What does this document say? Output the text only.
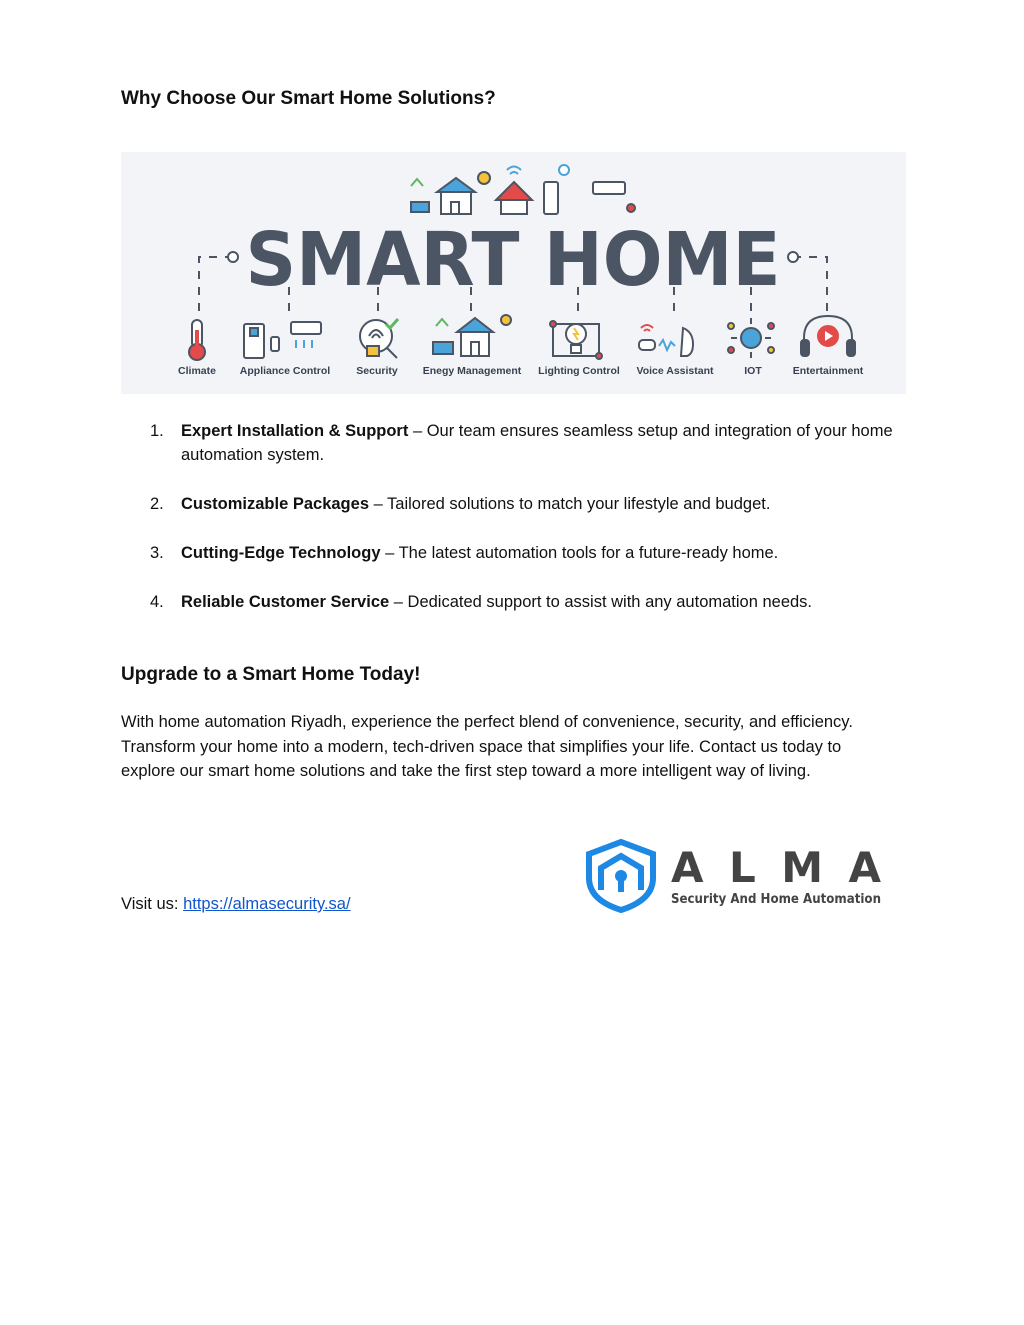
Why Choose Our Smart Home Solutions?
SMART HOME
Climate Appliance Control Security Enegy Management Lighting Control Voice Assistant	IOT	Entertainment
1. Expert Installation & Support – Our team ensures seamless setup and integration of your home automation system.
2. Customizable Packages – Tailored solutions to match your lifestyle and budget.
3. Cutting-Edge Technology – The latest automation tools for a future-ready home.
4. Reliable Customer Service – Dedicated support to assist with any automation needs.
Upgrade to a Smart Home Today!

With home automation Riyadh, experience the perfect blend of convenience, security, and efficiency. Transform your home into a modern, tech-driven space that simplifies your life. Contact us today to explore our smart home solutions and take the first step toward a more intelligent way of living.

Visit us: https://almasecurity.sa/
ALMA
Security And Home Automation
